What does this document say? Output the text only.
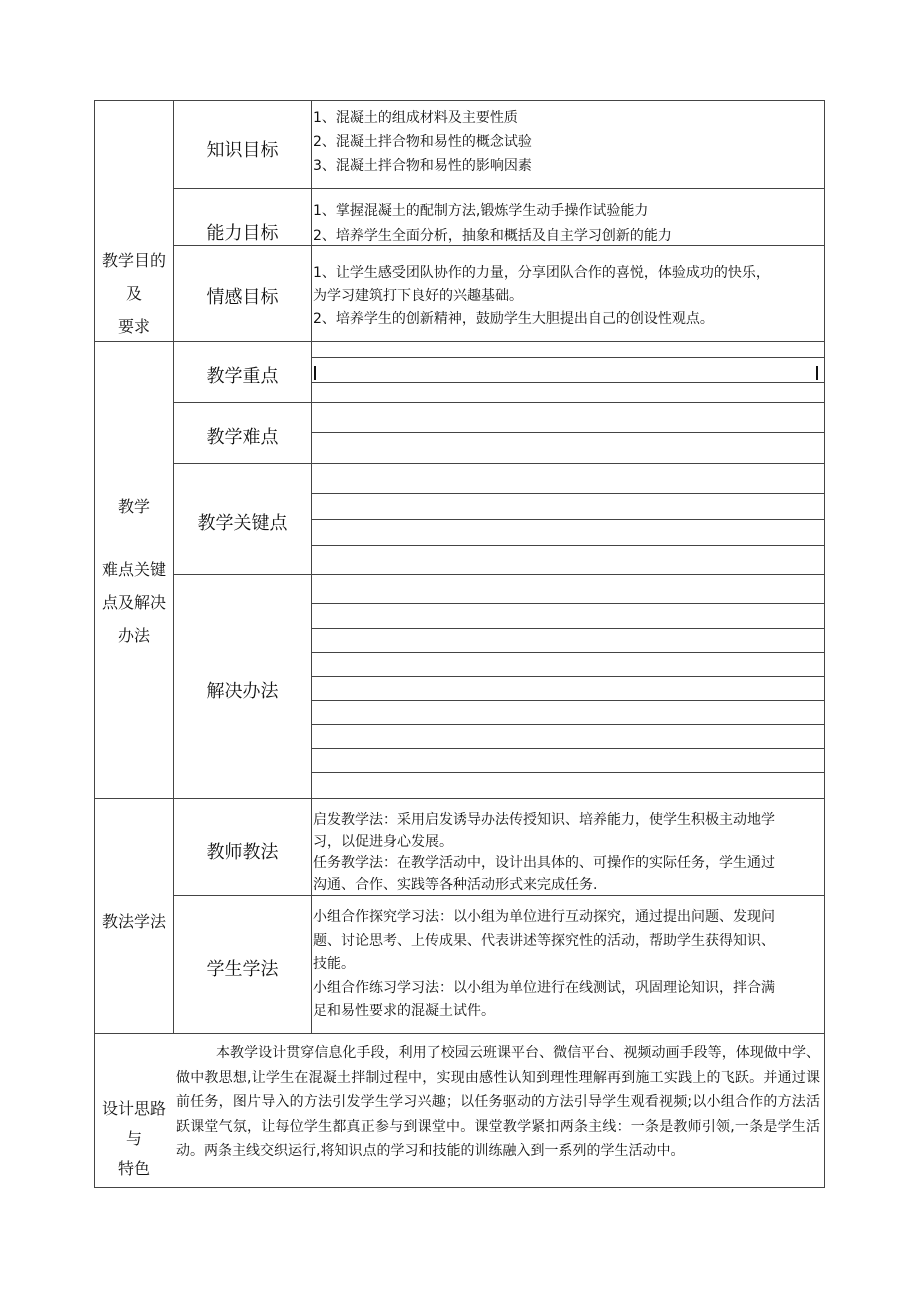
教学目的
及
要求
知识目标
1、混凝土的组成材料及主要性质
2、混凝土拌合物和易性的概念试验
3、混凝土拌合物和易性的影响因素
能力目标
1、掌握混凝土的配制方法,锻炼学生动手操作试验能力
2、培养学生全面分析，抽象和概括及自主学习创新的能力
情感目标
1、让学生感受团队协作的力量，分享团队合作的喜悦，体验成功的快乐，
为学习建筑打下良好的兴趣基础。
2、培养学生的创新精神，鼓励学生大胆提出自己的创设性观点。
教学
难点关键
点及解决
办法
教学重点
教学难点
教学关键点
解决办法
教法学法
教师教法
启发教学法：采用启发诱导办法传授知识、培养能力，使学生积极主动地学
习，以促进身心发展。
任务教学法：在教学活动中，设计出具体的、可操作的实际任务，学生通过
沟通、合作、实践等各种活动形式来完成任务.
学生学法
小组合作探究学习法：以小组为单位进行互动探究，通过提出问题、发现问
题、讨论思考、上传成果、代表讲述等探究性的活动，帮助学生获得知识、
技能。
小组合作练习学习法：以小组为单位进行在线测试，巩固理论知识，拌合满
足和易性要求的混凝土试件。
设计思路
与
特色
本教学设计贯穿信息化手段，利用了校园云班课平台、微信平台、视频动画手段等，体现做中学、做中教思想,让学生在混凝土拌制过程中，实现由感性认知到理性理解再到施工实践上的飞跃。并通过课前任务，图片导入的方法引发学生学习兴趣；以任务驱动的方法引导学生观看视频;以小组合作的方法活跃课堂气氛，让每位学生都真正参与到课堂中。课堂教学紧扣两条主线：一条是教师引领,一条是学生活动。两条主线交织运行,将知识点的学习和技能的训练融入到一系列的学生活动中。
